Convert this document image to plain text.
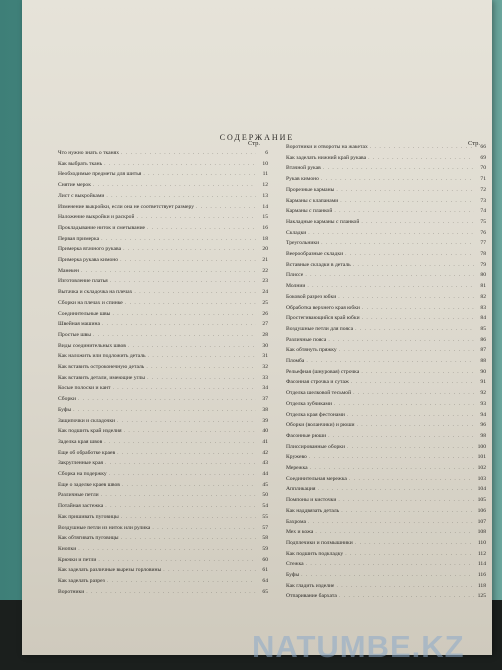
СОДЕРЖАНИЕ
Стр.
Что нужно знать о тканях . . .	6
Как выбрать ткань . . .	10
Необходимые предметы для шитья . . .	11
Снятие мерок . . .	12
Лист с выкройками . . .	13
Изменение выкройки, если она не соответствует размеру . . .	14
Наложение выкройки и раскрой . . .	15
Прокладывание ниток и сметывание . . .	16
Первая примерка . . .	18
Примерка втачного рукава . . .	20
Примерка рукава кимоно . . .	21
Манекен . . .	22
Изготовление платья . . .	23
Вытачка и складочка на плечах . . .	24
Сборки на плечах и спинке . . .	25
Соединительные швы . . .	26
Швейная машина . . .	27
Простые швы . . .	28
Виды соединительных швов . . .	30
Как наложить или подложить деталь . . .	31
Как вставить остроконечную деталь . . .	32
Как вставить детали, имеющие углы . . .	33
Косые полоски и кант . . .	34
Сборки . . .	37
Буфы . . .	38
Защипочки и складочки . . .	39
Как подшить край изделия . . .	40
Заделка края швов . . .	41
Еще об обработке краев . . .	42
Закругленные края . . .	43
Сборка на подержку . . .	44
Еще о заделке краев швов . . .	45
Различные петли . . .	50
Потайная застежка . . .	54
Как пришивать пуговицы . . .	55
Воздушные петли из ниток или рулика . . .	57
Как обтягивать пуговицы . . .	58
Кнопки . . .	59
Крючки и петли . . .	60
Как заделать различные вырезы горловины . . .	61
Как заделать разрез . . .	64
Воротники . . .	65
Стр.
Воротники и отвороты на жакетах . . .	66
Как заделать нижний край рукава . . .	69
Втачной рукав . . .	70
Рукав кимоно . . .	71
Прорезные карманы . . .	72
Карманы с клапанами . . .	73
Карманы с планкой . . .	74
Накладные карманы с планкой . . .	75
Складки . . .	76
Треугольники . . .	77
Веерообразные складки . . .	78
Вставные складки в деталь . . .	79
Плиссе . . .	80
Молнии . . .	81
Боковой разрез юбки . . .	82
Обработка верхнего края юбки . . .	83
Простегивающийся край юбки . . .	84
Воздушные петли для пояса . . .	85
Различные пояса . . .	86
Как обтянуть пряжку . . .	87
Пломба . . .	88
Рельефная (шнуровая) строчка . . .	90
Фасонная строчка и сутаж . . .	91
Отделка шелковой тесьмой . . .	92
Отделка зубчиками . . .	93
Отделка края фестонами . . .	94
Оборки (воланчики) и рюши . . .	96
Фасонные рюши . . .	98
Плиссированные оборки . . .	100
Кружево . . .	101
Мережка . . .	102
Соединительная мережка . . .	103
Аппликация . . .	104
Помпоны и кисточки . . .	105
Как наддвязать деталь . . .	106
Бахрома . . .	107
Мех и кожа . . .	108
Подплечики и полмышники . . .	110
Как подшить подкладку . . .	112
Стежка . . .	114
Буфы . . .	116
Как гладить изделие . . .	118
Отпаривание бархата . . .	125
NATUMBE.KZ
